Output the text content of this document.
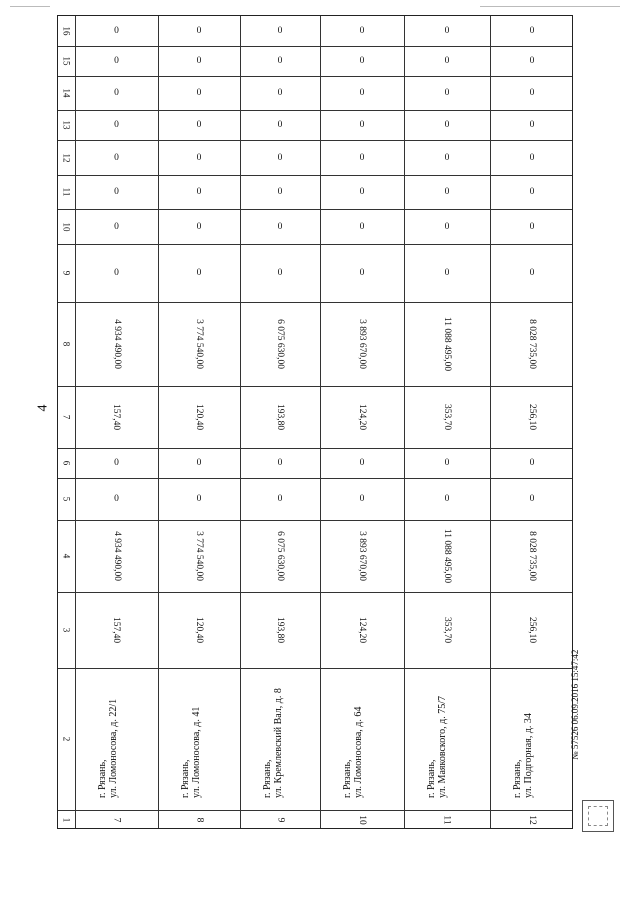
4
16
15
14
13
12
11
10
9
8
7
6
5
4
3
2
1	7
г. Рязань, ул. Ломоносова, д. 22/1
157,40
4 934 490,00
0
0
157,40
4 934 490,00
0
0
0
0
0
0
0
0
8
г. Рязань, ул. Ломоносова, д. 41
120,40
3 774 540,00
0
0
120,40
3 774 540,00
0
0
0
0
0
0
0
0
9
г. Рязань, ул. Кремлевский Вал, д. 8
193,80
6 075 630,00
0
0
193,80
6 075 630,00
0
0
0
0
0
0
0
0
10
г. Рязань, ул. Ломоносова, д. 64
124,20
3 893 670,00
0
0
124,20
3 893 670,00
0
0
0
0
0
0
0
0
11
г. Рязань, ул. Маяковского, д. 75/7
353,70
11 088 495,00
0
0
353,70
11 088 495,00
0
0
0
0
0
0
0
0
12
г. Рязань, ул. Подгорная, д. 34
256,10
8 028 735,00
0
0
256,10
8 028 735,00
0
0
0
0
0
0
0
0
№ 57526 06.09.2016 15:47:42
